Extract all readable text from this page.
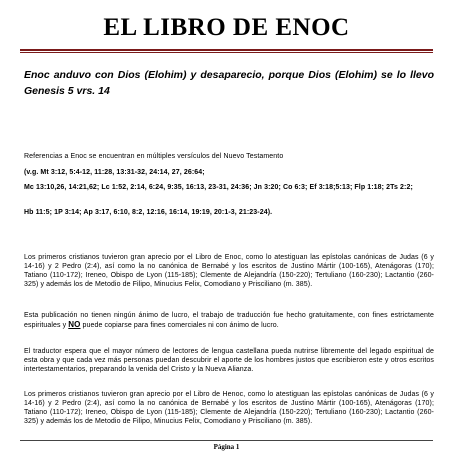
EL LIBRO DE ENOC
Enoc anduvo con Dios (Elohim) y desaparecio, porque Dios (Elohim) se lo llevo Genesis 5 vrs. 14
Referencias a Enoc se encuentran en múltiples versículos del Nuevo Testamento
(v.g. Mt 3:12, 5:4-12, 11:28, 13:31-32, 24:14, 27, 26:64;
Mc 13:10,26, 14:21,62; Lc 1:52, 2:14, 6:24, 9:35, 16:13, 23-31, 24:36; Jn 3:20; Co 6:3; Ef 3:18;5:13; Flp 1:18; 2Ts 2:2;
Hb 11:5; 1P 3:14; Ap 3:17, 6:10, 8:2, 12:16, 16:14, 19:19, 20:1-3, 21:23-24).
Los primeros cristianos tuvieron gran aprecio por el Libro de Enoc, como lo atestiguan las epístolas canónicas de Judas (6 y 14-16) y 2 Pedro (2:4), así como la no canónica de Bernabé y los escritos de Justino Mártir (100-165), Atenágoras (170); Tatiano (110-172); Ireneo, Obispo de Lyon (115-185); Clemente de Alejandría (150-220); Tertuliano (160-230); Lactantio (260-325) y además los de Metodio de Filipo, Minucius Felix, Comodiano y Prisciliano (m. 385).
Esta publicación no tienen ningún ánimo de lucro, el trabajo de traducción fue hecho gratuitamente, con fines estrictamente espirituales y NO puede copiarse para fines comerciales ni con ánimo de lucro.
El traductor espera que el mayor número de lectores de lengua castellana pueda nutrirse libremente del legado espiritual de esta obra y que cada vez más personas puedan descubrir el aporte de los hombres justos que escribieron este y otros escritos intertestamentarios, preparando la venida del Cristo y la Nueva Alianza.
Los primeros cristianos tuvieron gran aprecio por el Libro de Henoc, como lo atestiguan las epístolas canónicas de Judas (6 y 14-16) y 2 Pedro (2:4), así como la no canónica de Bernabé y los escritos de Justino Mártir (100-165), Atenágoras (170); Tatiano (110-172); Ireneo, Obispo de Lyon (115-185); Clemente de Alejandría (150-220); Tertuliano (160-230); Lactantio (260-325) y además los de Metodio de Filipo, Minucius Felix, Comodiano y Prisciliano (m. 385).
Página 1
